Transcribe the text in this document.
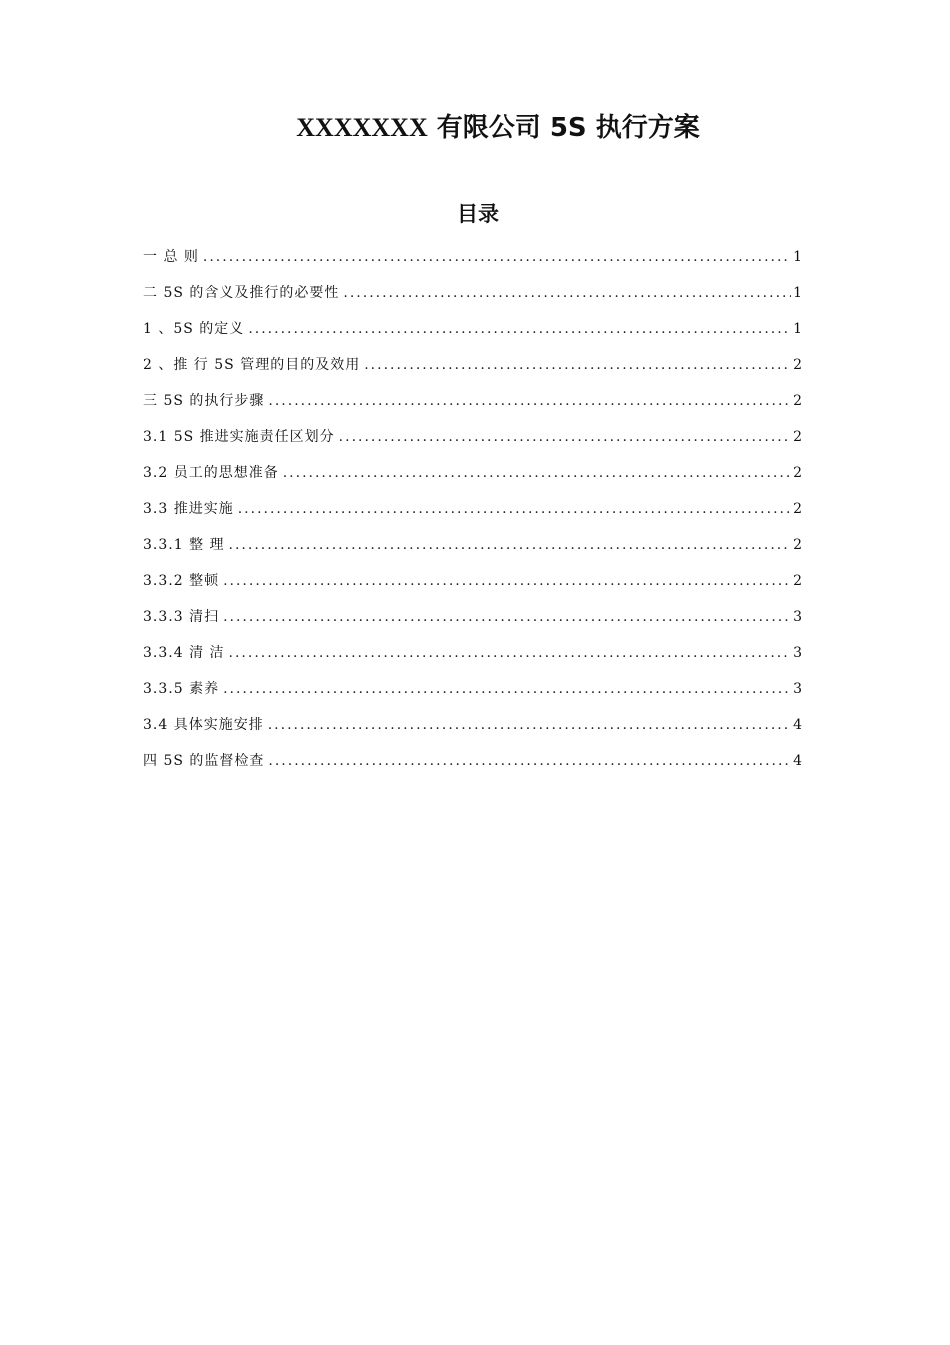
XXXXXXX 有限公司 5S 执行方案
目录
一 总 则 .....	1
二 5S 的含义及推行的必要性 .....	1
1 、5S 的定义 .....	1
2 、推 行 5S 管理的目的及效用 .....	2
三 5S 的执行步骤 .....	2
3.1 5S 推进实施责任区划分 .....	2
3.2 员工的思想准备 .....	2
3.3 推进实施 .....	2
3.3.1 整 理 .....	2
3.3.2 整顿 .....	2
3.3.3 清扫 .....	3
3.3.4 清 洁 .....	3
3.3.5 素养 .....	3
3.4 具体实施安排 .....	4
四 5S 的监督检查 .....	4
